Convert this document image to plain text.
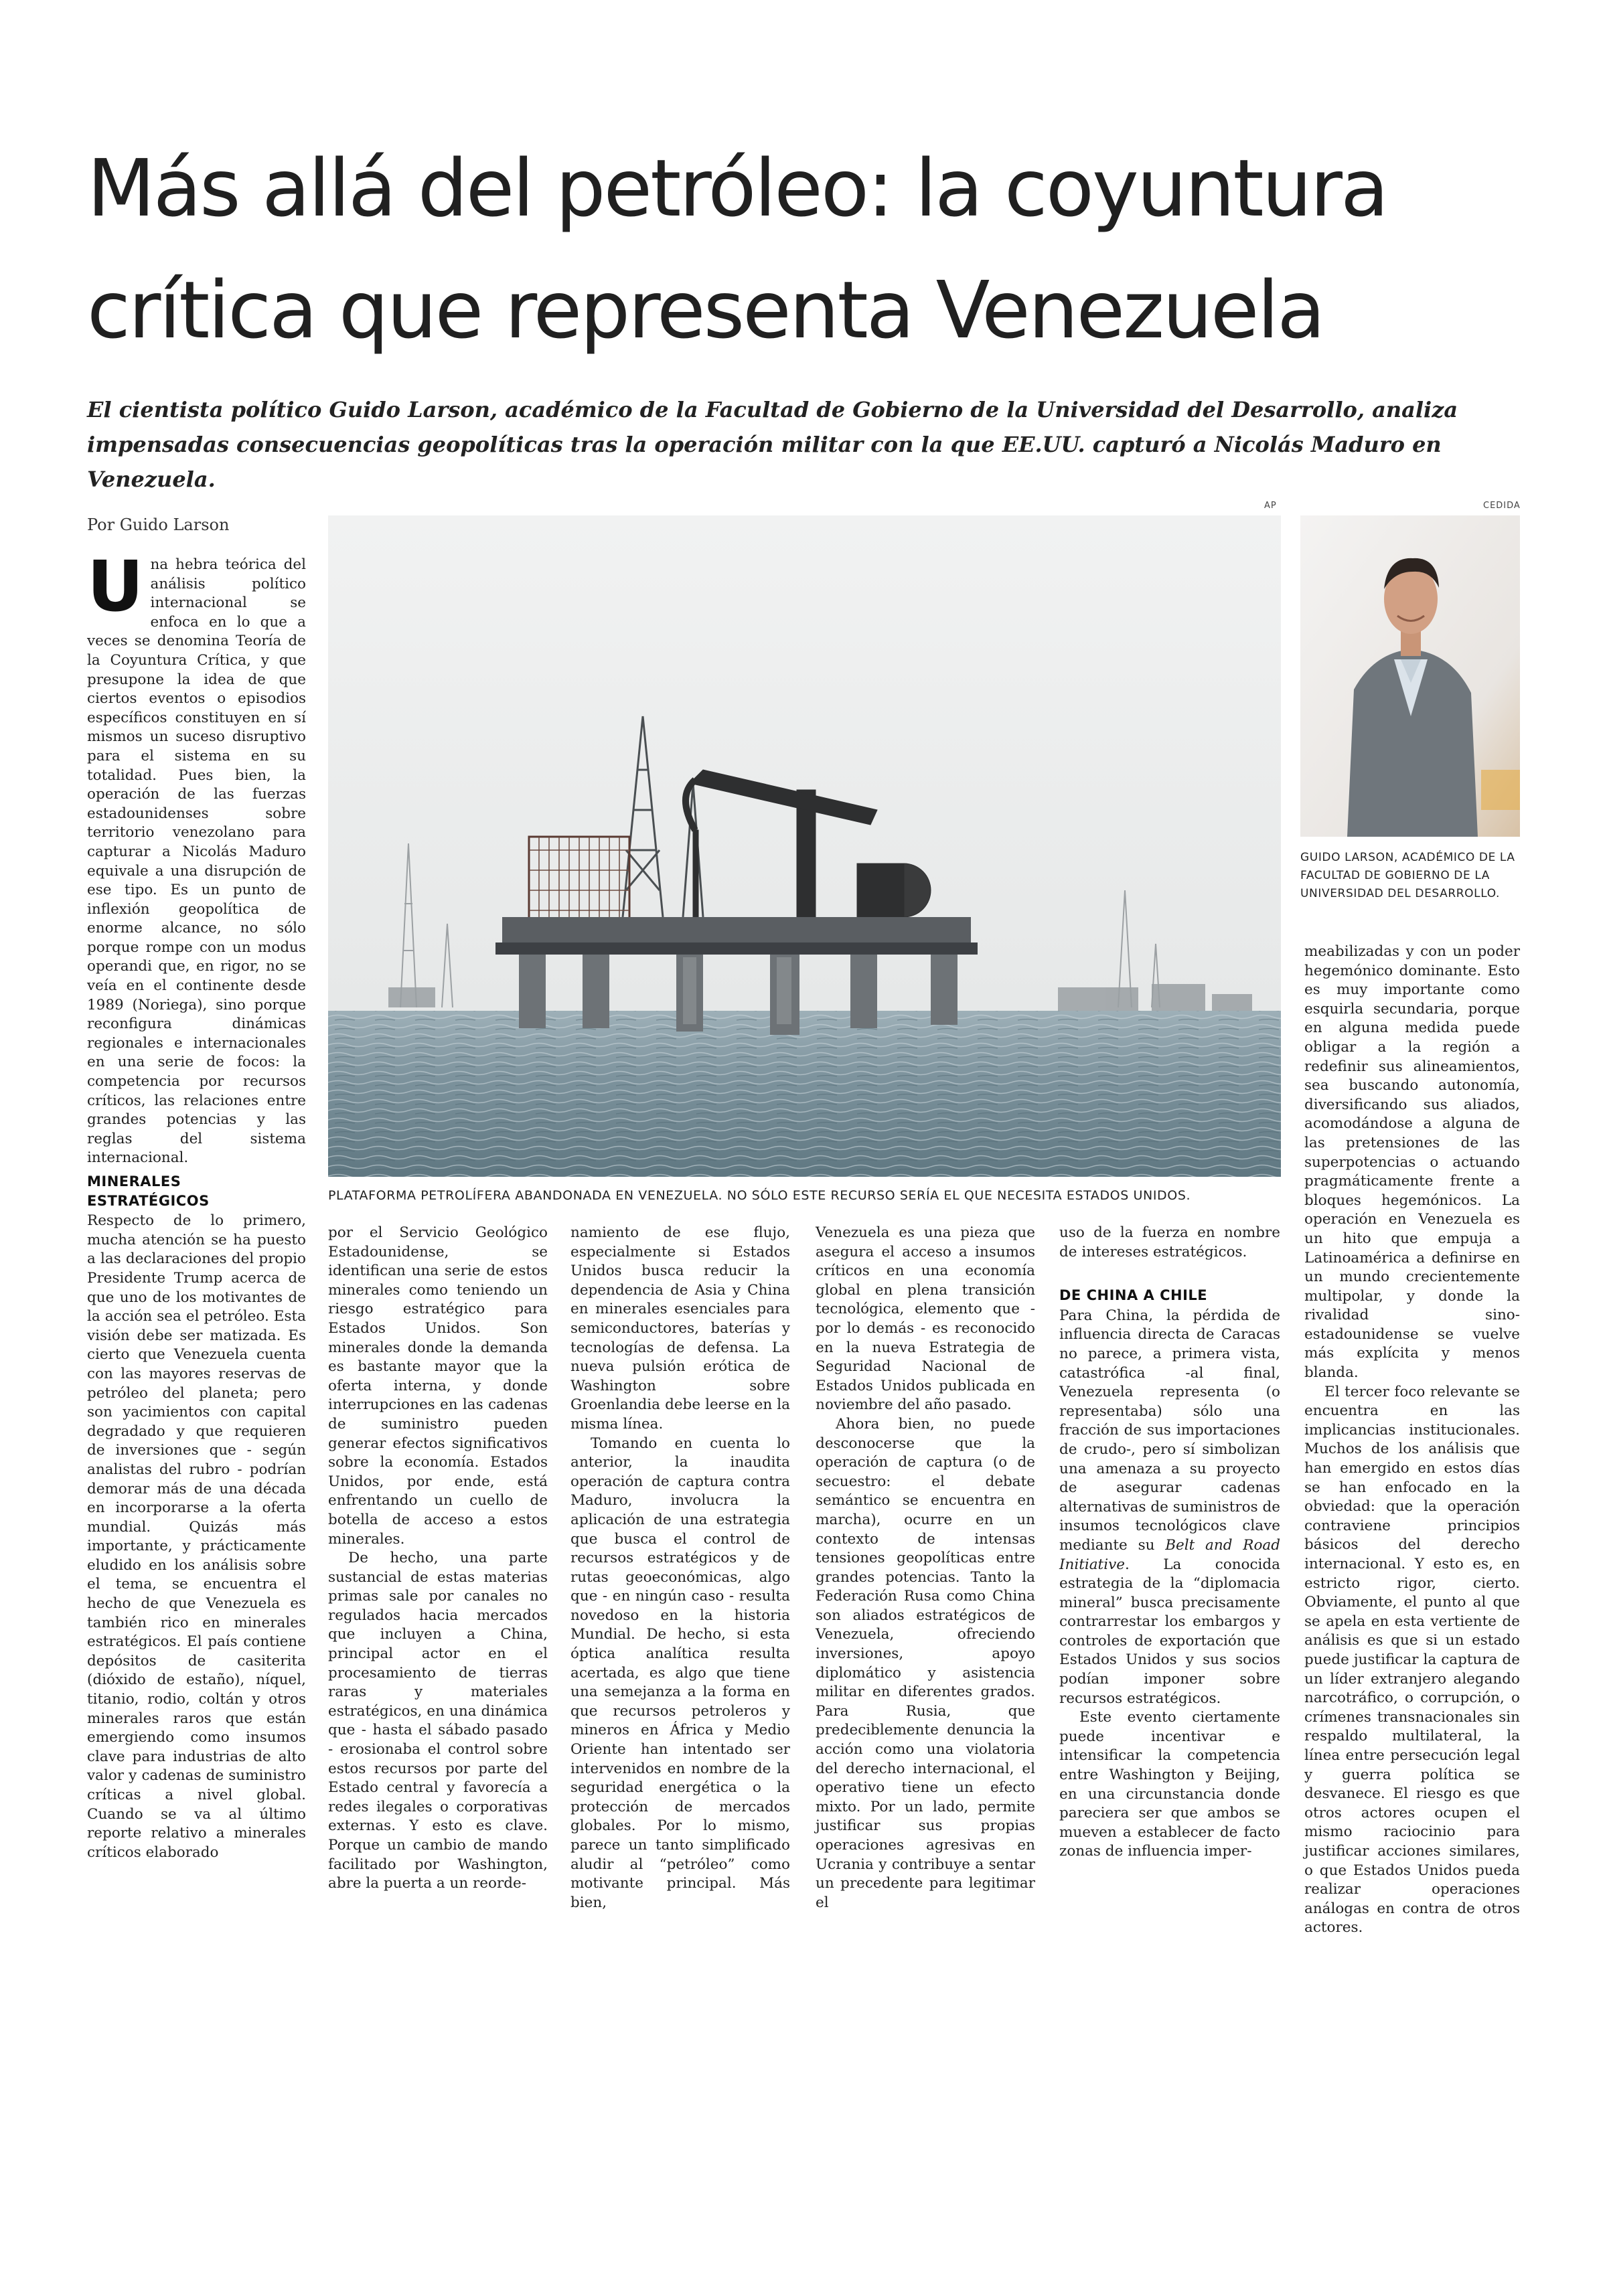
Más allá del petróleo: la coyuntura crítica que representa Venezuela

El cientista político Guido Larson, académico de la Facultad de Gobierno de la Universidad del Desarrollo, analiza impensadas consecuencias geopolíticas tras la operación militar con la que EE.UU. capturó a Nicolás Maduro en Venezuela.

Por Guido Larson

AP
PLATAFORMA PETROLÍFERA ABANDONADA EN VENEZUELA. NO SÓLO ESTE RECURSO SERÍA EL QUE NECESITA ESTADOS UNIDOS.
CEDIDA
GUIDO LARSON, ACADÉMICO DE LA FACULTAD DE GOBIERNO DE LA UNIVERSIDAD DEL DESARROLLO.

Una hebra teórica del análisis político internacional se enfoca en lo que a veces se denomina Teoría de la Coyuntura Crítica, y que presupone la idea de que ciertos eventos o episodios específicos constituyen en sí mismos un suceso disruptivo para el sistema en su totalidad. Pues bien, la operación de las fuerzas estadounidenses sobre territorio venezolano para capturar a Nicolás Maduro equivale a una disrupción de ese tipo. Es un punto de inflexión geopolítica de enorme alcance, no sólo porque rompe con un modus operandi que, en rigor, no se veía en el continente desde 1989 (Noriega), sino porque reconfigura dinámicas regionales e internacionales en una serie de focos: la competencia por recursos críticos, las relaciones entre grandes potencias y las reglas del sistema internacional.

MINERALES ESTRATÉGICOS

Respecto de lo primero, mucha atención se ha puesto a las declaraciones del propio Presidente Trump acerca de que uno de los motivantes de la acción sea el petróleo. Esta visión debe ser matizada. Es cierto que Venezuela cuenta con las mayores reservas de petróleo del planeta; pero son yacimientos con capital degradado y que requieren de inversiones que - según analistas del rubro - podrían demorar más de una década en incorporarse a la oferta mundial. Quizás más importante, y prácticamente eludido en los análisis sobre el tema, se encuentra el hecho de que Venezuela es también rico en minerales estratégicos. El país contiene depósitos de casiterita (dióxido de estaño), níquel, titanio, rodio, coltán y otros minerales raros que están emergiendo como insumos clave para industrias de alto valor y cadenas de suministro críticas a nivel global. Cuando se va al último reporte relativo a minerales críticos elaborado

por el Servicio Geológico Estadounidense, se identifican una serie de estos minerales como teniendo un riesgo estratégico para Estados Unidos. Son minerales donde la demanda es bastante mayor que la oferta interna, y donde interrupciones en las cadenas de suministro pueden generar efectos significativos sobre la economía. Estados Unidos, por ende, está enfrentando un cuello de botella de acceso a estos minerales.

De hecho, una parte sustancial de estas materias primas sale por canales no regulados hacia mercados que incluyen a China, principal actor en el procesamiento de tierras raras y materiales estratégicos, en una dinámica que - hasta el sábado pasado - erosionaba el control sobre estos recursos por parte del Estado central y favorecía a redes ilegales o corporativas externas. Y esto es clave. Porque un cambio de mando facilitado por Washington, abre la puerta a un reorde-

namiento de ese flujo, especialmente si Estados Unidos busca reducir la dependencia de Asia y China en minerales esenciales para semiconductores, baterías y tecnologías de defensa. La nueva pulsión erótica de Washington sobre Groenlandia debe leerse en la misma línea.

Tomando en cuenta lo anterior, la inaudita operación de captura contra Maduro, involucra la aplicación de una estrategia que busca el control de recursos estratégicos y de rutas geoeconómicas, algo que - en ningún caso - resulta novedoso en la historia Mundial. De hecho, si esta óptica analítica resulta acertada, es algo que tiene una semejanza a la forma en que recursos petroleros y mineros en África y Medio Oriente han intentado ser intervenidos en nombre de la seguridad energética o la protección de mercados globales. Por lo mismo, parece un tanto simplificado aludir al “petróleo” como motivante principal. Más bien,

Venezuela es una pieza que asegura el acceso a insumos críticos en una economía global en plena transición tecnológica, elemento que - por lo demás - es reconocido en la nueva Estrategia de Seguridad Nacional de Estados Unidos publicada en noviembre del año pasado.

Ahora bien, no puede desconocerse que la operación de captura (o de secuestro: el debate semántico se encuentra en marcha), ocurre en un contexto de intensas tensiones geopolíticas entre grandes potencias. Tanto la Federación Rusa como China son aliados estratégicos de Venezuela, ofreciendo inversiones, apoyo diplomático y asistencia militar en diferentes grados. Para Rusia, que predeciblemente denuncia la acción como una violatoria del derecho internacional, el operativo tiene un efecto mixto. Por un lado, permite justificar sus propias operaciones agresivas en Ucrania y contribuye a sentar un precedente para legitimar el

uso de la fuerza en nombre de intereses estratégicos.

DE CHINA A CHILE

Para China, la pérdida de influencia directa de Caracas no parece, a primera vista, catastrófica -al final, Venezuela representa (o representaba) sólo una fracción de sus importaciones de crudo-, pero sí simbolizan una amenaza a su proyecto de asegurar cadenas alternativas de suministros de insumos tecnológicos clave mediante su Belt and Road Initiative. La conocida estrategia de la “diplomacia mineral” busca precisamente contrarrestar los embargos y controles de exportación que Estados Unidos y sus socios podían imponer sobre recursos estratégicos.

Este evento ciertamente puede incentivar e intensificar la competencia entre Washington y Beijing, en una circunstancia donde pareciera ser que ambos se mueven a establecer de facto zonas de influencia imper-

meabilizadas y con un poder hegemónico dominante. Esto es muy importante como esquirla secundaria, porque en alguna medida puede obligar a la región a redefinir sus alineamientos, sea buscando autonomía, diversificando sus aliados, acomodándose a alguna de las pretensiones de las superpotencias o actuando pragmáticamente frente a bloques hegemónicos. La operación en Venezuela es un hito que empuja a Latinoamérica a definirse en un mundo crecientemente multipolar, y donde la rivalidad sino-estadounidense se vuelve más explícita y menos blanda.

El tercer foco relevante se encuentra en las implicancias institucionales. Muchos de los análisis que han emergido en estos días se han enfocado en la obviedad: que la operación contraviene principios básicos del derecho internacional. Y esto es, en estricto rigor, cierto. Obviamente, el punto al que se apela en esta vertiente de análisis es que si un estado puede justificar la captura de un líder extranjero alegando narcotráfico, o corrupción, o crímenes transnacionales sin respaldo multilateral, la línea entre persecución legal y guerra política se desvanece. El riesgo es que otros actores ocupen el mismo raciocinio para justificar acciones similares, o que Estados Unidos pueda realizar operaciones análogas en contra de otros actores.
